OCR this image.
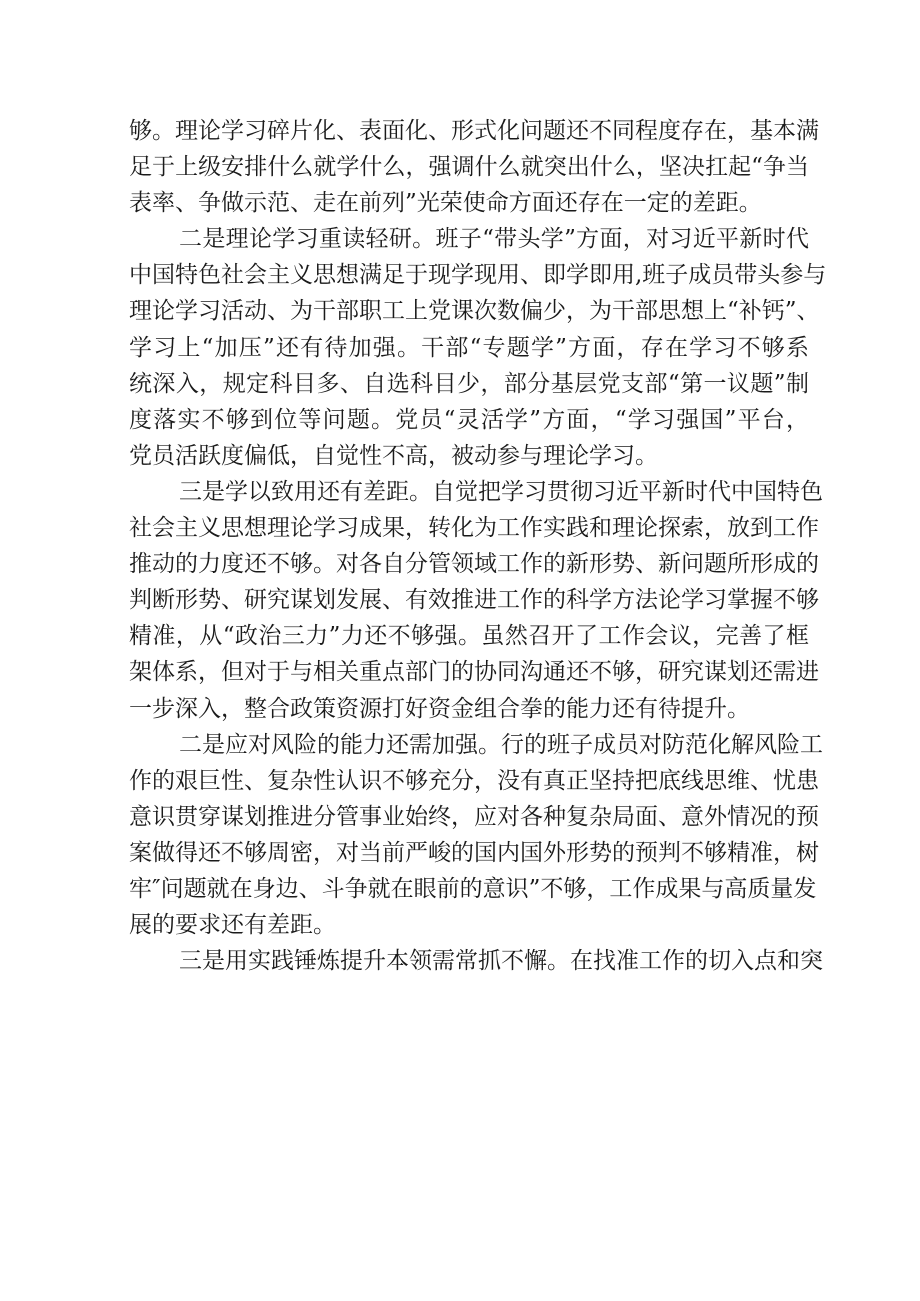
够。理论学习碎片化、表面化、形式化问题还不同程度存在，基本满
足于上级安排什么就学什么，强调什么就突出什么，坚决扛起“争当
表率、争做示范、走在前列”光荣使命方面还存在一定的差距。
二是理论学习重读轻研。班子“带头学”方面，对习近平新时代
中国特色社会主义思想满足于现学现用、即学即用,班子成员带头参与
理论学习活动、为干部职工上党课次数偏少，为干部思想上“补钙”、
学习上“加压”还有待加强。干部“专题学”方面，存在学习不够系
统深入，规定科目多、自选科目少，部分基层党支部“第一议题”制
度落实不够到位等问题。党员“灵活学”方面，“学习强国”平台，
党员活跃度偏低，自觉性不高，被动参与理论学习。
三是学以致用还有差距。自觉把学习贯彻习近平新时代中国特色
社会主义思想理论学习成果，转化为工作实践和理论探索，放到工作
推动的力度还不够。对各自分管领域工作的新形势、新问题所形成的
判断形势、研究谋划发展、有效推进工作的科学方法论学习掌握不够
精准，从“政治三力”力还不够强。虽然召开了工作会议，完善了框
架体系，但对于与相关重点部门的协同沟通还不够，研究谋划还需进
一步深入，整合政策资源打好资金组合拳的能力还有待提升。
二是应对风险的能力还需加强。行的班子成员对防范化解风险工
作的艰巨性、复杂性认识不够充分，没有真正坚持把底线思维、忧患
意识贯穿谋划推进分管事业始终，应对各种复杂局面、意外情况的预
案做得还不够周密，对当前严峻的国内国外形势的预判不够精准，树
牢″问题就在身边、斗争就在眼前的意识”不够，工作成果与高质量发
展的要求还有差距。
三是用实践锤炼提升本领需常抓不懈。在找准工作的切入点和突
